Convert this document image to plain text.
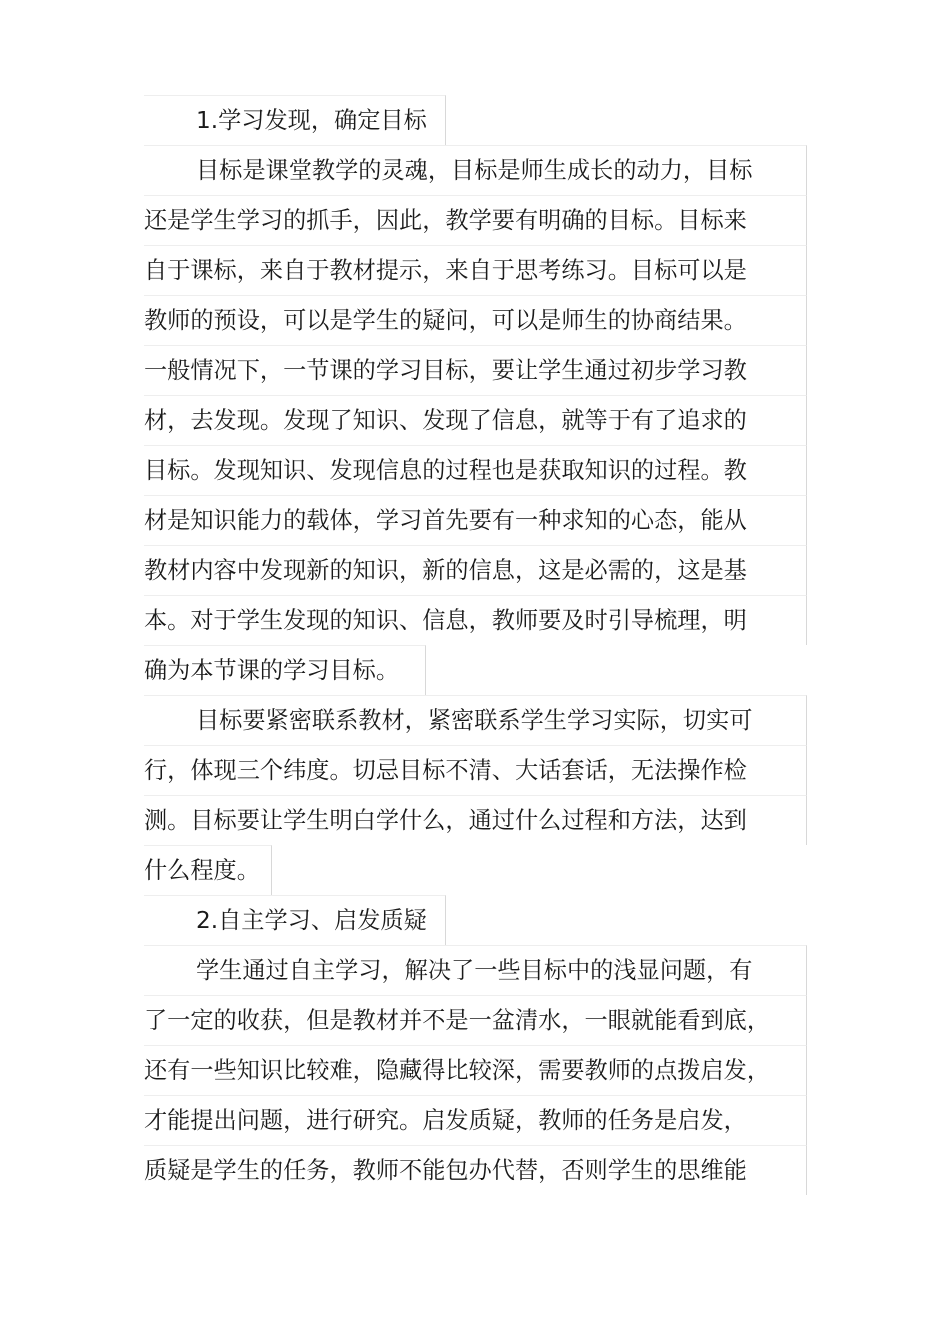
1.学习发现，确定目标
目标是课堂教学的灵魂，目标是师生成长的动力，目标
还是学生学习的抓手，因此，教学要有明确的目标。目标来
自于课标，来自于教材提示，来自于思考练习。目标可以是
教师的预设，可以是学生的疑问，可以是师生的协商结果。
一般情况下，一节课的学习目标，要让学生通过初步学习教
材，去发现。发现了知识、发现了信息，就等于有了追求的
目标。发现知识、发现信息的过程也是获取知识的过程。教
材是知识能力的载体，学习首先要有一种求知的心态，能从
教材内容中发现新的知识，新的信息，这是必需的，这是基
本。对于学生发现的知识、信息，教师要及时引导梳理，明
确为本节课的学习目标。
目标要紧密联系教材，紧密联系学生学习实际，切实可
行，体现三个纬度。切忌目标不清、大话套话，无法操作检
测。目标要让学生明白学什么，通过什么过程和方法，达到
什么程度。
2.自主学习、启发质疑
学生通过自主学习，解决了一些目标中的浅显问题，有
了一定的收获，但是教材并不是一盆清水，一眼就能看到底，
还有一些知识比较难，隐藏得比较深，需要教师的点拨启发，
才能提出问题，进行研究。启发质疑，教师的任务是启发，
质疑是学生的任务，教师不能包办代替，否则学生的思维能
